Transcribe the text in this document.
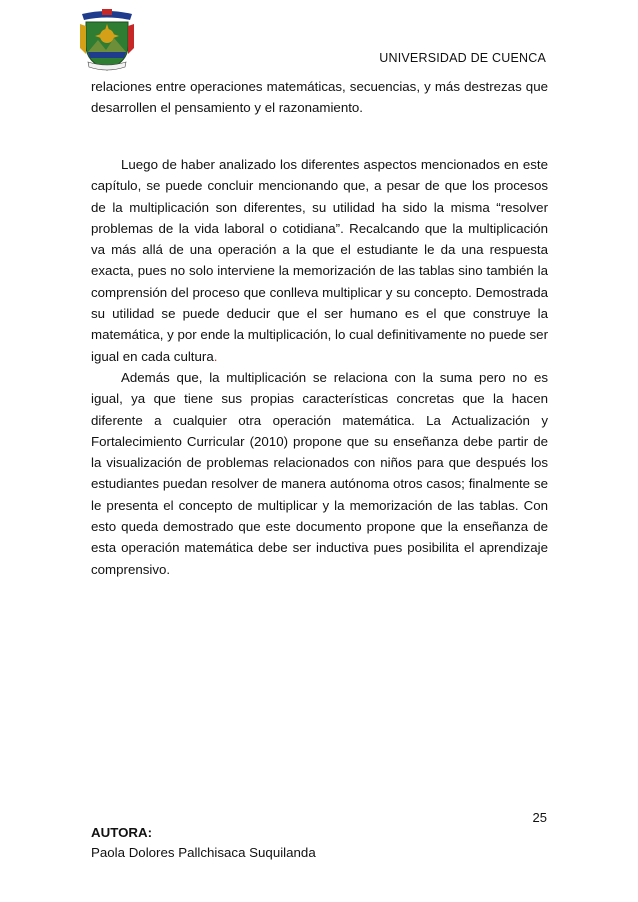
UNIVERSIDAD DE CUENCA

relaciones entre operaciones matemáticas, secuencias, y más destrezas que desarrollen el pensamiento y el razonamiento.

Luego de haber analizado los diferentes aspectos mencionados en este capítulo, se puede concluir mencionando que, a pesar de que los procesos de la multiplicación son diferentes, su utilidad ha sido la misma “resolver problemas de la vida laboral o cotidiana”. Recalcando que la multiplicación va más allá de una operación a la que el estudiante le da una respuesta exacta, pues no solo interviene la memorización de las tablas sino también la comprensión del proceso que conlleva multiplicar y su concepto. Demostrada su utilidad se puede deducir que el ser humano es el que construye la matemática, y por ende la multiplicación, lo cual definitivamente no puede ser igual en cada cultura.

Además que, la multiplicación se relaciona con la suma pero no es igual, ya que tiene sus propias características concretas que la hacen diferente a cualquier otra operación matemática. La Actualización y Fortalecimiento Curricular (2010) propone que su enseñanza debe partir de la visualización de problemas relacionados con niños para que después los estudiantes puedan resolver de manera autónoma otros casos; finalmente se le presenta el concepto de multiplicar y la memorización de las tablas. Con esto queda demostrado que este documento propone que la enseñanza de esta operación matemática debe ser inductiva pues posibilita el aprendizaje comprensivo.

25
AUTORA:
Paola Dolores Pallchisaca Suquilanda
